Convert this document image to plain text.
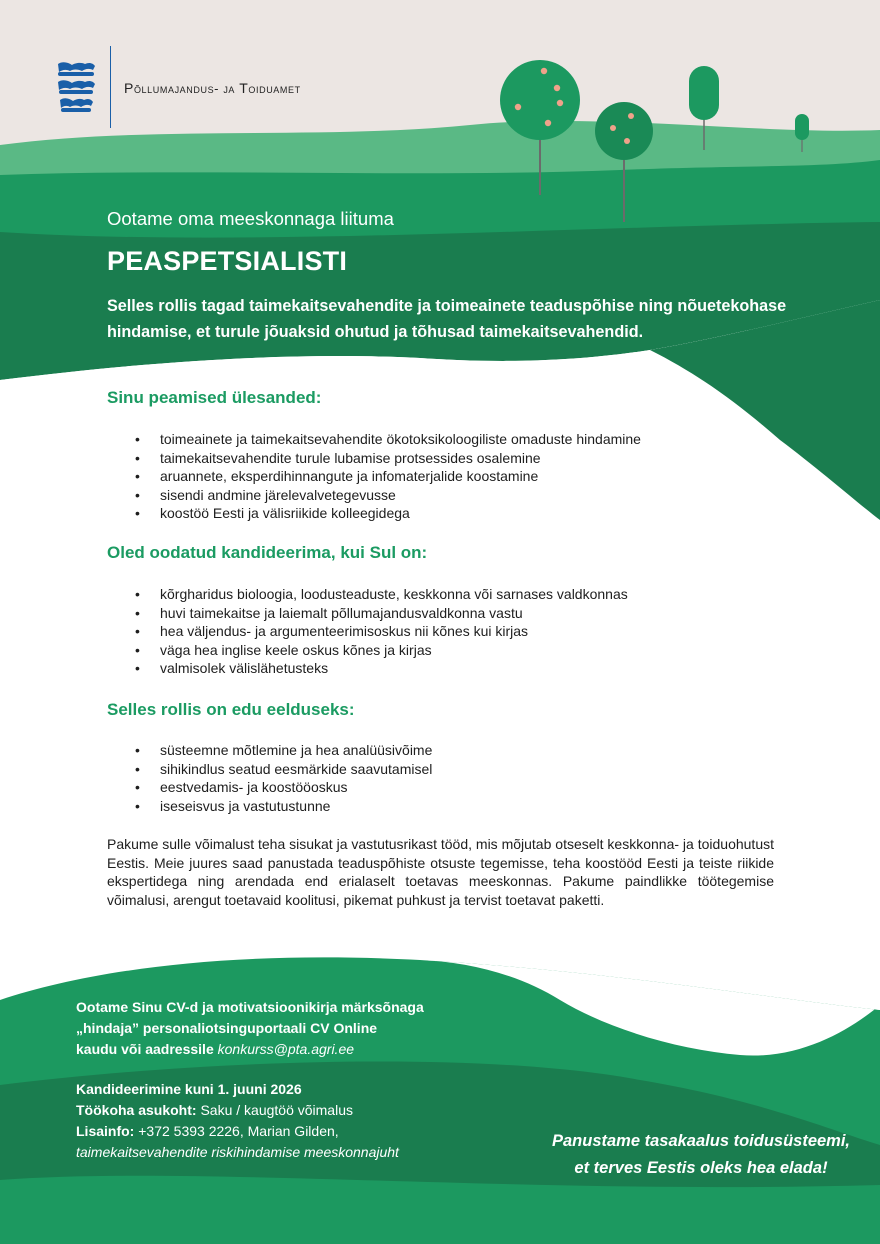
Põllumajandus- ja Toiduamet
Ootame oma meeskonnaga liituma
PEASPETSIALISTI
Selles rollis tagad taimekaitsevahendite ja toimeainete teaduspõhise ning nõuetekohase hindamise, et turule jõuaksid ohutud ja tõhusad taimekaitsevahendid.
Sinu peamised ülesanded:
• toimeainete ja taimekaitsevahendite ökotoksikoloogiliste omaduste hindamine
• taimekaitsevahendite turule lubamise protsessides osalemine
• aruannete, eksperdihinnangute ja infomaterjalide koostamine
• sisendi andmine järelevalvetegevusse
• koostöö Eesti ja välisriikide kolleegidega
Oled oodatud kandideerima, kui Sul on:
• kõrgharidus bioloogia, loodusteaduste, keskkonna või sarnases valdkonnas
• huvi taimekaitse ja laiemalt põllumajandusvaldkonna vastu
• hea väljendus- ja argumenteerimisoskus nii kõnes kui kirjas
• väga hea inglise keele oskus kõnes ja kirjas
• valmisolek välislähetusteks
Selles rollis on edu eelduseks:
• süsteemne mõtlemine ja hea analüüsivõime
• sihikindlus seatud eesmärkide saavutamisel
• eestvedamis- ja koostööoskus
• iseseisvus ja vastutustunne
Pakume sulle võimalust teha sisukat ja vastutusrikast tööd, mis mõjutab otseselt keskkonna- ja toiduohutust Eestis. Meie juures saad panustada teaduspõhiste otsuste tegemisse, teha koostööd Eesti ja teiste riikide ekspertidega ning arendada end erialaselt toetavas meeskonnas. Pakume paindlikke töötegemise võimalusi, arengut toetavaid koolitusi, pikemat puhkust ja tervist toetavat paketti.
Ootame Sinu CV-d ja motivatsioonikirja märksõnaga
„hindaja” personaliotsinguportaali CV Online
kaudu või aadressile konkurss@pta.agri.ee
Kandideerimine kuni 1. juuni 2026
Töökoha asukoht: Saku / kaugtöö võimalus
Lisainfo: +372 5393 2226, Marian Gilden,
taimekaitsevahendite riskihindamise meeskonnajuht
Panustame tasakaalus toidusüsteemi,
et terves Eestis oleks hea elada!
